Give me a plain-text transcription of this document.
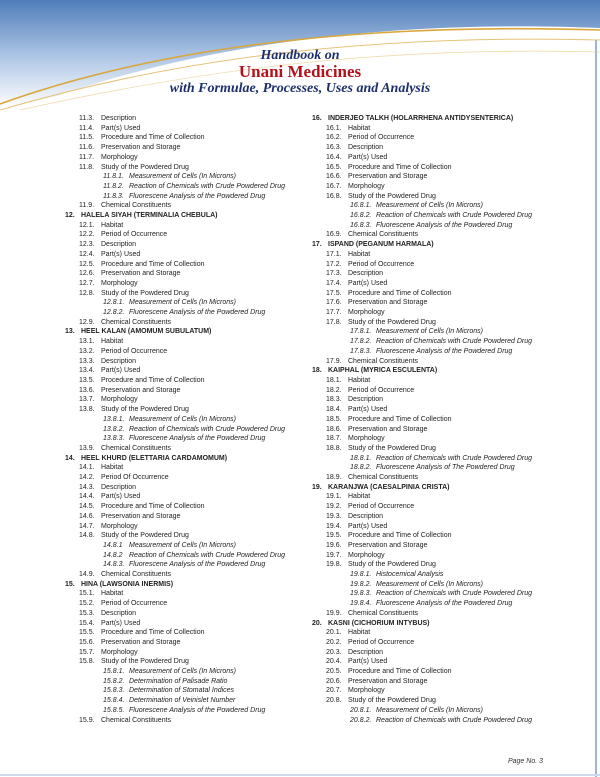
Handbook on
Unani Medicines
with Formulae, Processes, Uses and Analysis
11.3. Description
11.4. Part(s) Used
11.5. Procedure and Time of Collection
11.6. Preservation and Storage
11.7. Morphology
11.8. Study of the Powdered Drug
11.8.1. Measurement of Cells (In Microns)
11.8.2. Reaction of Chemicals with Crude Powdered Drug
11.8.3. Fluorescene Analysis of the Powdered Drug
11.9. Chemical Constituents
12. HALELA SIYAH (TERMINALIA CHEBULA)
12.1. Habitat
12.2. Period of Occurrence
12.3. Description
12.4. Part(s) Used
12.5. Procedure and Time of Collection
12.6. Preservation and Storage
12.7. Morphology
12.8. Study of the Powdered Drug
12.8.1. Measurement of Cells (In Microns)
12.8.2. Fluorescene Analysis of the Powdered Drug
12.9. Chemical Constituents
13. HEEL KALAN (AMOMUM SUBULATUM)
13.1. Habitat
13.2. Period of Occurrence
13.3. Description
13.4. Part(s) Used
13.5. Procedure and Time of Collection
13.6. Preservation and Storage
13.7. Morphology
13.8. Study of the Powdered Drug
13.8.1. Measurement of Cells (In Microns)
13.8.2. Reaction of Chemicals with Crude Powdered Drug
13.8.3. Fluorescene Analysis of the Powdered Drug
13.9. Chemical Constituents
14. HEEL KHURD (ELETTARIA CARDAMOMUM)
14.1. Habitat
14.2. Period Of Occurrence
14.3. Description
14.4. Part(s) Used
14.5. Procedure and Time of Collection
14.6. Preservation and Storage
14.7. Morphology
14.8. Study of the Powdered Drug
14.8.1 Measurement of Cells (In Microns)
14.8.2 Reaction of Chemicals with Crude Powdered Drug
14.8.3. Fluorescene Analysis of the Powdered Drug
14.9. Chemical Constituents
15. HINA (LAWSONIA INERMIS)
15.1. Habitat
15.2. Period of Occurrence
15.3. Description
15.4. Part(s) Used
15.5. Procedure and Time of Collection
15.6. Preservation and Storage
15.7. Morphology
15.8. Study of the Powdered Drug
15.8.1. Measurement of Cells (In Microns)
15.8.2. Determination of Palisade Ratio
15.8.3. Determination of Stomatal Indices
15.8.4. Determination of Veinislet Number
15.8.5. Fluorescene Analysis of the Powdered Drug
15.9. Chemical Constituents
16. INDERJEO TALKH (HOLARRHENA ANTIDYSENTERICA)
16.1. Habitat
16.2. Period of Occurrence
16.3. Description
16.4. Part(s) Used
16.5. Procedure and Time of Collection
16.6. Preservation and Storage
16.7. Morphology
16.8. Study of the Powdered Drug
16.8.1. Measurement of Cells (In Microns)
16.8.2. Reaction of Chemicals with Crude Powdered Drug
16.8.3. Fluorescene Analysis of the Powdered Drug
16.9. Chemical Constituents
17. ISPAND (PEGANUM HARMALA)
17.1. Habitat
17.2. Period of Occurrence
17.3. Description
17.4. Part(s) Used
17.5. Procedure and Time of Collection
17.6. Preservation and Storage
17.7. Morphology
17.8. Study of the Powdered Drug
17.8.1. Measurement of Cells (In Microns)
17.8.2. Reaction of Chemicals with Crude Powdered Drug
17.8.3. Fluorescene Analysis of the Powdered Drug
17.9. Chemical Constituents
18. KAIPHAL (MYRICA ESCULENTA)
18.1. Habitat
18.2. Period of Occurrence
18.3. Description
18.4. Part(s) Used
18.5. Procedure and Time of Collection
18.6. Preservation and Storage
18.7. Morphology
18.8. Study of the Powdered Drug
18.8.1. Reaction of Chemicals with Crude Powdered Drug
18.8.2. Fluorescene Analysis of The Powdered Drug
18.9. Chemical Constituents
19. KARANJWA (CAESALPINIA CRISTA)
19.1. Habitat
19.2. Period of Occurrence
19.3. Description
19.4. Part(s) Used
19.5. Procedure and Time of Collection
19.6. Preservation and Storage
19.7. Morphology
19.8. Study of the Powdered Drug
19.8.1. Histocemical Analysis
19.8.2. Measurement of Cells (In Microns)
19.8.3. Reaction of Chemicals with Crude Powdered Drug
19.8.4. Fluorescene Analysis of the Powdered Drug
19.9. Chemical Constituents
20. KASNI (CICHORIUM INTYBUS)
20.1. Habitat
20.2. Period of Occurrence
20.3. Description
20.4. Part(s) Used
20.5. Procedure and Time of Collection
20.6. Preservation and Storage
20.7. Morphology
20.8. Study of the Powdered Drug
20.8.1. Measurement of Cells (In Microns)
20.8.2. Reaction of Chemicals with Crude Powdered Drug
Page No. 3
